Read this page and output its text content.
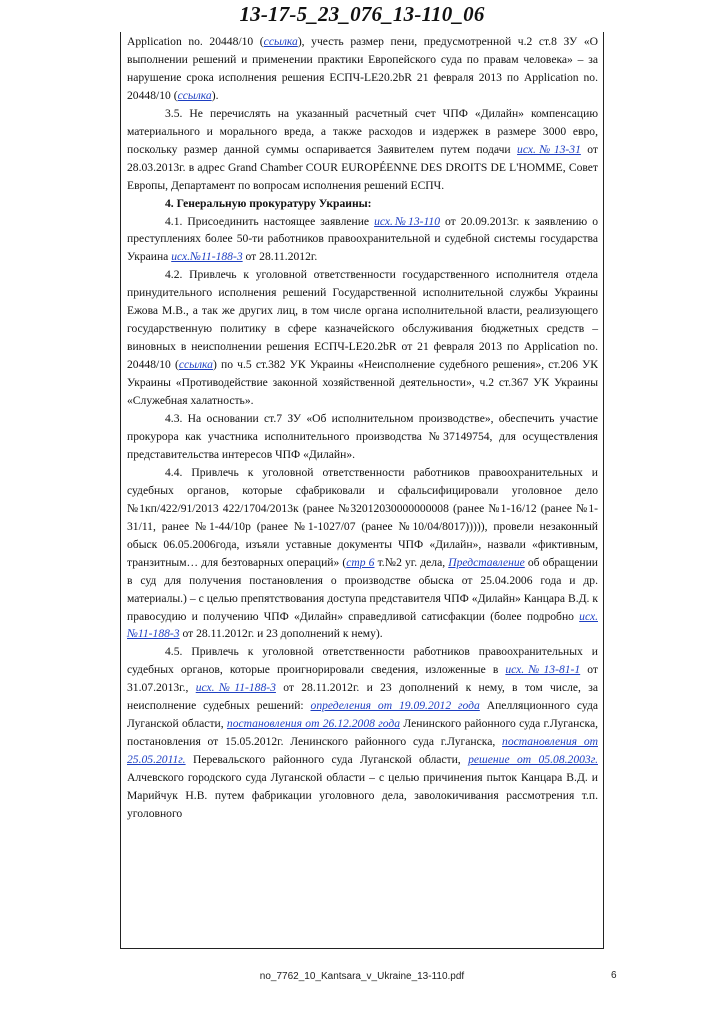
13-17-5_23_076_13-110_06

Application no. 20448/10 (ссылка), учесть размер пени, предусмотренной ч.2 ст.8 ЗУ «О выполнении решений и применении практики Европейского суда по правам человека» – за нарушение срока исполнения решения ЕСПЧ-LE20.2bR 21 февраля 2013 по Application no. 20448/10 (ссылка).

3.5. Не перечислять на указанный расчетный счет ЧПФ «Дилайн» компенсацию материального и морального вреда, а также расходов и издержек в размере 3000 евро, поскольку размер данной суммы оспаривается Заявителем путем подачи исх.№13-31 от 28.03.2013г. в адрес Grand Chamber COUR EUROPÉENNE DES DROITS DE L'HOMME, Совет Европы, Департамент по вопросам исполнения решений ЕСПЧ.

4. Генеральную прокуратуру Украины:

4.1. Присоединить настоящее заявление исх.№13-110 от 20.09.2013г. к заявлению о преступлениях более 50-ти работников правоохранительной и судебной системы государства Украина исх.№11-188-3 от 28.11.2012г.

4.2. Привлечь к уголовной ответственности государственного исполнителя отдела принудительного исполнения решений Государственной исполнительной службы Украины Ежова М.В., а так же других лиц, в том числе органа исполнительной власти, реализующего государственную политику в сфере казначейского обслуживания бюджетных средств – виновных в неисполнении решения ЕСПЧ-LE20.2bR от 21 февраля 2013 по Application no. 20448/10 (ссылка) по ч.5 ст.382 УК Украины «Неисполнение судебного решения», ст.206 УК Украины «Противодействие законной хозяйственной деятельности», ч.2 ст.367 УК Украины «Служебная халатность».

4.3. На основании ст.7 ЗУ «Об исполнительном производстве», обеспечить участие прокурора как участника исполнительного производства №37149754, для осуществления представительства интересов ЧПФ «Дилайн».

4.4. Привлечь к уголовной ответственности работников правоохранительных и судебных органов, которые сфабриковали и сфальсифицировали уголовное дело №1кп/422/91/2013 422/1704/2013к (ранее №32012030000000008 (ранее №1-16/12 (ранее №1-31/11, ранее №1-44/10р (ранее №1-1027/07 (ранее №10/04/8017))))), провели незаконный обыск 06.05.2006года, изъяли уставные документы ЧПФ «Дилайн», назвали «фиктивным, транзитным… для безтоварных операций» (стр 6 т.№2 уг. дела, Представление об обращении в суд для получения постановления о производстве обыска от 25.04.2006 года и др. материалы.) – с целью препятствования доступа представителя ЧПФ «Дилайн» Канцара В.Д. к правосудию и получению ЧПФ «Дилайн» справедливой сатисфакции (более подробно исх.№11-188-3 от 28.11.2012г. и 23 дополнений к нему).

4.5. Привлечь к уголовной ответственности работников правоохранительных и судебных органов, которые проигнорировали сведения, изложенные в исх.№13-81-1 от 31.07.2013г., исх.№11-188-3 от 28.11.2012г. и 23 дополнений к нему, в том числе, за неисполнение судебных решений: определения от 19.09.2012 года Апелляционного суда Луганской области, постановления от 26.12.2008 года Ленинского районного суда г.Луганска, постановления от 15.05.2012г. Ленинского районного суда г.Луганска, постановления от 25.05.2011г. Перевальского районного суда Луганской области, решение от 05.08.2003г. Алчевского городского суда Луганской области – с целью причинения пыток Канцара В.Д. и Марийчук Н.В. путем фабрикации уголовного дела, заволокичивания рассмотрения т.п. уголовного

no_7762_10_Kantsara_v_Ukraine_13-110.pdf	6
